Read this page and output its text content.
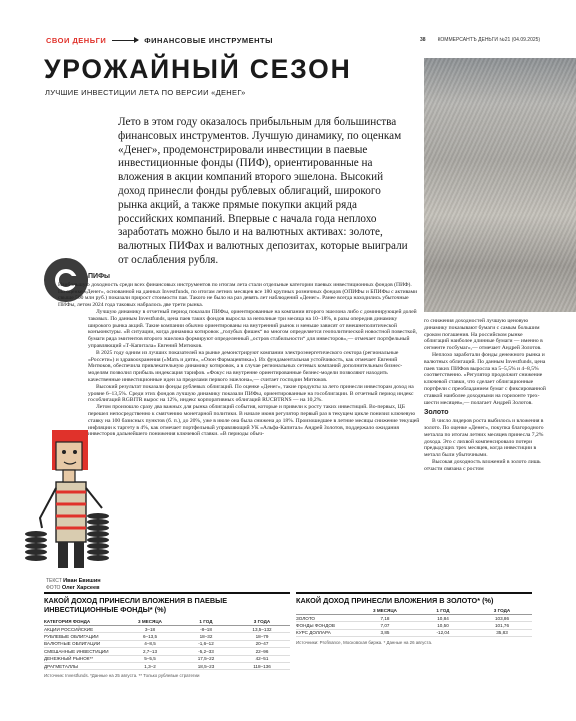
СВОИ ДЕНЬГИ	ФИНАНСОВЫЕ ИНСТРУМЕНТЫ	38 КОММЕРСАНТЪ ДЕНЬГИ №21 (04.09.2025)
УРОЖАЙНЫЙ СЕЗОН
ЛУЧШИЕ ИНВЕСТИЦИИ ЛЕТА ПО ВЕРСИИ «ДЕНЕГ»
Лето в этом году оказалось прибыльным для большинства финансовых инструментов. Лучшую динамику, по оценкам «Денег», продемонстрировали инвестиции в паевые инвестиционные фонды (ПИФ), ориентированные на вложения в акции компаний второго эшелона. Высокий доход принесли фонды рублевых облигаций, широкого рынка акций, а также прямые покупки акций ряда российских компаний. Впервые с начала года неплохо заработать можно было и на валютных активах: золоте, валютных ПИФах и валютных депозитах, которые выиграли от ослабления рубля.
ПИФы

Наибольшую доходность среди всех финансовых инструментов по итогам лета стали отдельные категории паевых инвестиционных фондов (ПИФ). По оценке «Денег», основанной на данных Investfunds, по итогам летних месяцев все 180 крупных розничных фондов (ОПИФы и БПИФы с активами свыше 500 млн руб.) показали прирост стоимости пая. Такого не было на раз девять лет наблюдений «Денег». Ранее всегда находились убыточные ПИФы, летом 2024 года таковых набралось две трети рынка.

Лучшую динамику в отчетный период показали ПИФы, ориентированные на компании второго эшелона либо с доминирующей долей таковых. По данным Investfunds, цена паев таких фондов выросла за неполные три месяца на 10–18%, в разы опередив динамику широкого рынка акций. Такие компании обычно ориентированы на внутренний рынок и меньше зависят от внешнеполитической конъюнктуры. «В ситуации, когда динамика котировок „голубых фишек“ во многом определяется геополитической новостной повесткой, бумаги ряда эмитентов второго эшелона формируют определенный „остров стабильности“ для инвесторов»,— отмечает портфельный управляющий «Т-Капитала» Евгений Митюков.

В 2025 году одним из лучших показателей на рынке демонстрируют компании электроэнергетического сектора (региональные «Россети») и здравоохранения («Мать и дитя», «Озон Фармацевтика»). Их фундаментальная устойчивость, как отмечает Евгений Митюков, обеспечила привлекательную динамику котировок, а в случае региональных сетевых компаний дополнительным бизнес-моделям позволил прибыль индексация тарифов. «Фокус на внутренне ориентированные бизнес-модели позволяют находить качественные инвестиционные идеи за пределами первого эшелона»,— считает господин Митюков.

Высокий результат показали фонды рублевых облигаций. По оценке «Денег», такие продукты за лето принесли инвесторам доход на уровне 6–13,5%. Среди этих фондов лучшую динамику показали ПИФы, ориентированные на гособлигации. В отчетный период индекс гособлигаций RGBITR вырос на 12%, индекс корпоративных облигаций RUCBTRNS — на 10,2%.

Летом произошло сразу два важных для рынка облигаций события, которые и привели к росту таких инвестиций. Во-первых, ЦБ перешел непосредственно к смягчению монетарной политики. В начале июня регулятор первый раз в текущем цикле понизил ключевую ставку на 100 базисных пунктов (б. п.), до 20%, уже в июле она была снижена до 18%. Произошедшее в летние месяцы снижение текущей инфляции к таргету в 4%, как отмечает портфельный управляющий УК «Альфа-Капитал» Андрей Золотов, поддержало ожидания инвесторов дальнейшего понижения ключевой ставки. «В периоды обыч-

го снижения доходностей лучшую ценовую динамику показывают бумаги с самым большим сроком погашения. На российском рынке облигаций наиболее длинные бумаги — именно в сегменте госбумаг»,— отмечает Андрей Золотов.

Неплохо заработали фонды денежного рынка и валютных облигаций. По данным Investfunds, цена паев таких ПИФов выросла на 5–5,5% и 4–8,5% соответственно. «Регулятор продолжит снижение ключевой ставки, что сделает облигационные портфели с преобладанием бумаг с фиксированной ставкой наиболее доходными на горизонте трех-шести месяцев»,— полагает Андрей Золотов.

Золото

В число лидеров роста выбилось и вложения в золото. По оценке «Денег», покупка благородного металла по итогам летних месяцев принесла 7,2% дохода. Это с лихвой компенсировало потери предыдущих трех месяцев, когда инвестиции в металл были убыточными.

Высокая доходность вложений в золото лишь отчасти связана с ростом

ТЕКСТ Иван Евишин
ФОТО Олег Харсеев
КАКОЙ ДОХОД ПРИНЕСЛИ ВЛОЖЕНИЯ В ПАЕВЫЕ ИНВЕСТИЦИОННЫЕ ФОНДЫ* (%)
КАТЕГОРИЯ ФОНДА	3 МЕСЯЦА	1 ГОД	3 ГОДА
АКЦИИ РОССИЙСКИЕ	3–18	-8–18	13,5–132
РУБЛЕВЫЕ ОБЛИГАЦИИ	6–13,5	18–32	18–79
ВАЛЮТНЫЕ ОБЛИГАЦИИ	4–8,5	-1,6–12	20–47
СМЕШАННЫЕ ИНВЕСТИЦИИ	2,7–13	-5,2–33	22–96
ДЕНЕЖНЫЙ РЫНОК**	5–5,5	17,5–22	42–51
ДРАГМЕТАЛЛЫ	1,3–2	18,5–23	118–136
Источник: Investfunds. *Данные на 25 августа. ** Только рублевые стратегии
КАКОЙ ДОХОД ПРИНЕСЛИ ВЛОЖЕНИЯ В ЗОЛОТО* (%)
	3 МЕСЯЦА	1 ГОД	3 ГОДА
ЗОЛОТО	7,18	10,84	103,86
ФОНДЫ ФОНДОВ	7,07	10,50	101,76
КУРС ДОЛЛАРА	3,85	-12,04	35,83
Источники: Profinance, Московская биржа. * Данные на 26 августа.
